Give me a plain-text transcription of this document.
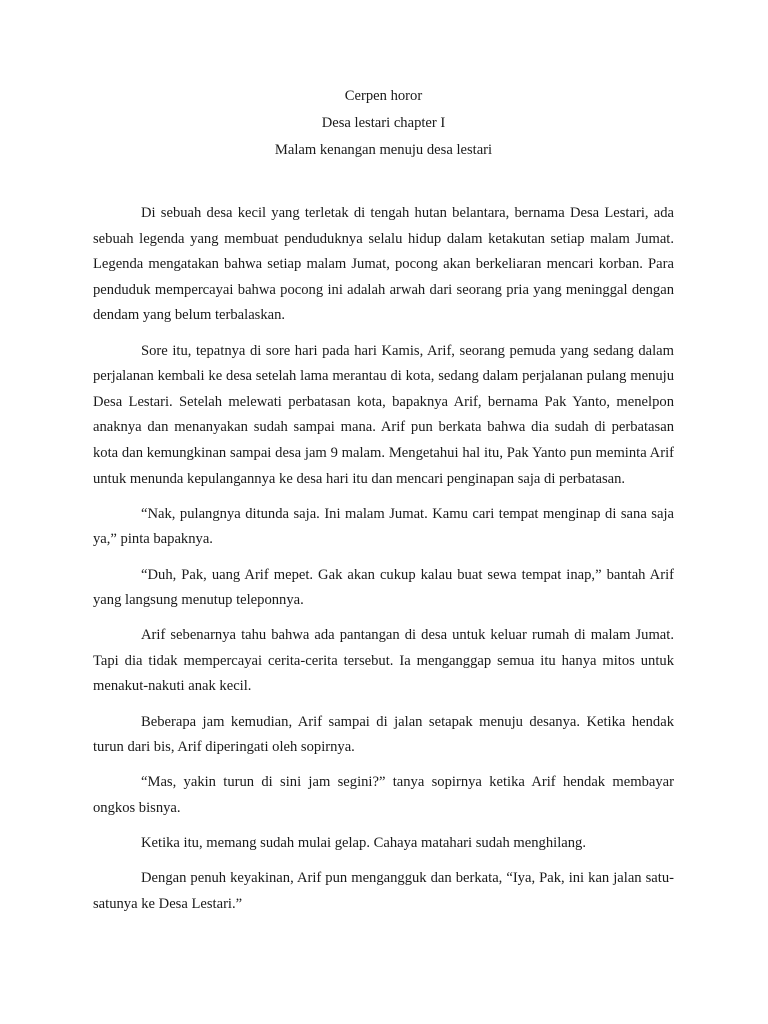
Cerpen horor
Desa lestari chapter I
Malam kenangan menuju desa lestari

Di sebuah desa kecil yang terletak di tengah hutan belantara, bernama Desa Lestari, ada sebuah legenda yang membuat penduduknya selalu hidup dalam ketakutan setiap malam Jumat. Legenda mengatakan bahwa setiap malam Jumat, pocong akan berkeliaran mencari korban. Para penduduk mempercayai bahwa pocong ini adalah arwah dari seorang pria yang meninggal dengan dendam yang belum terbalaskan.

Sore itu, tepatnya di sore hari pada hari Kamis, Arif, seorang pemuda yang sedang dalam perjalanan kembali ke desa setelah lama merantau di kota, sedang dalam perjalanan pulang menuju Desa Lestari. Setelah melewati perbatasan kota, bapaknya Arif, bernama Pak Yanto, menelpon anaknya dan menanyakan sudah sampai mana. Arif pun berkata bahwa dia sudah di perbatasan kota dan kemungkinan sampai desa jam 9 malam. Mengetahui hal itu, Pak Yanto pun meminta Arif untuk menunda kepulangannya ke desa hari itu dan mencari penginapan saja di perbatasan.

“Nak, pulangnya ditunda saja. Ini malam Jumat. Kamu cari tempat menginap di sana saja ya,” pinta bapaknya.

“Duh, Pak, uang Arif mepet. Gak akan cukup kalau buat sewa tempat inap,” bantah Arif yang langsung menutup teleponnya.

Arif sebenarnya tahu bahwa ada pantangan di desa untuk keluar rumah di malam Jumat. Tapi dia tidak mempercayai cerita-cerita tersebut. Ia menganggap semua itu hanya mitos untuk menakut-nakuti anak kecil.

Beberapa jam kemudian, Arif sampai di jalan setapak menuju desanya. Ketika hendak turun dari bis, Arif diperingati oleh sopirnya.

“Mas, yakin turun di sini jam segini?” tanya sopirnya ketika Arif hendak membayar ongkos bisnya.

Ketika itu, memang sudah mulai gelap. Cahaya matahari sudah menghilang.

Dengan penuh keyakinan, Arif pun mengangguk dan berkata, “Iya, Pak, ini kan jalan satu-satunya ke Desa Lestari.”
